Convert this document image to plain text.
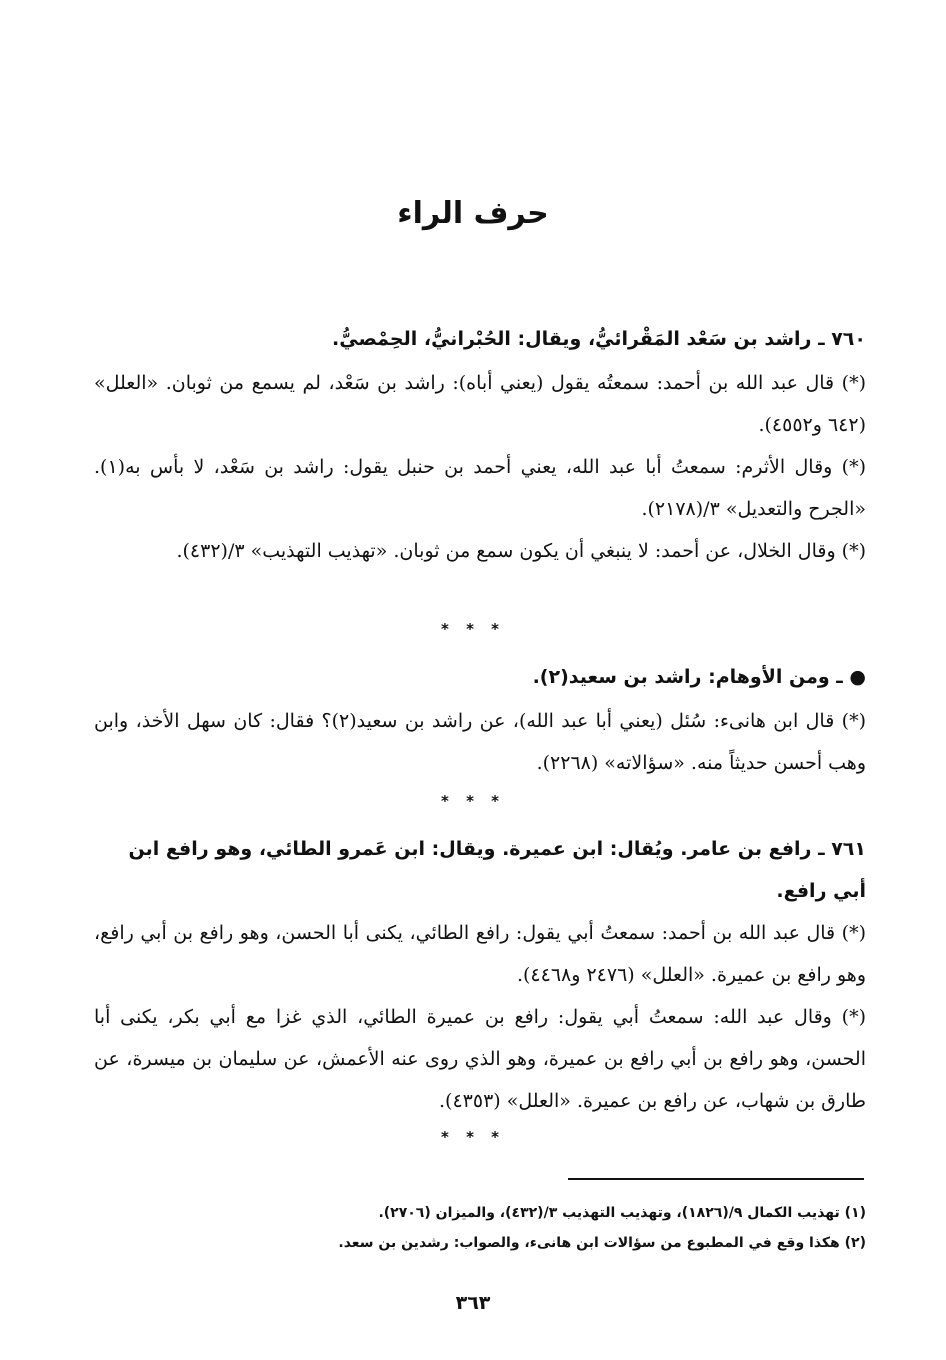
حرف الراء
٧٦٠ ـ راشد بن سَعْد المَقْرائيُّ، ويقال: الحُبْرانيُّ، الحِمْصيُّ.
(*) قال عبد الله بن أحمد: سمعتُه يقول (يعني أباه): راشد بن سَعْد، لم يسمع من ثوبان. «العلل» (٦٤٢ و٤٥٥٢).
(*) وقال الأثرم: سمعتُ أبا عبد الله، يعني أحمد بن حنبل يقول: راشد بن سَعْد، لا بأس به(١). «الجرح والتعديل» ٣/(٢١٧٨).
(*) وقال الخلال، عن أحمد: لا ينبغي أن يكون سمع من ثوبان. «تهذيب التهذيب» ٣/(٤٣٢).
* * *
● ـ ومن الأوهام: راشد بن سعيد(٢).
(*) قال ابن هانىء: سُئل (يعني أبا عبد الله)، عن راشد بن سعيد(٢)؟ فقال: كان سهل الأخذ، وابن وهب أحسن حديثاً منه. «سؤالاته» (٢٢٦٨).
* * *
٧٦١ ـ رافع بن عامر. ويُقال: ابن عميرة. ويقال: ابن عَمرو الطائي، وهو رافع ابن أبي رافع.
(*) قال عبد الله بن أحمد: سمعتُ أبي يقول: رافع الطائي، يكنى أبا الحسن، وهو رافع بن أبي رافع، وهو رافع بن عميرة. «العلل» (٢٤٧٦ و٤٤٦٨).
(*) وقال عبد الله: سمعتُ أبي يقول: رافع بن عميرة الطائي، الذي غزا مع أبي بكر، يكنى أبا الحسن، وهو رافع بن أبي رافع بن عميرة، وهو الذي روى عنه الأعمش، عن سليمان بن ميسرة، عن طارق بن شهاب، عن رافع بن عميرة. «العلل» (٤٣٥٣).
* * *
(١) تهذيب الكمال ٩/(١٨٢٦)، وتهذيب التهذيب ٣/(٤٣٢)، والميزان (٢٧٠٦).
(٢) هكذا وقع في المطبوع من سؤالات ابن هانىء، والصواب: رشدين بن سعد.
٣٦٣
